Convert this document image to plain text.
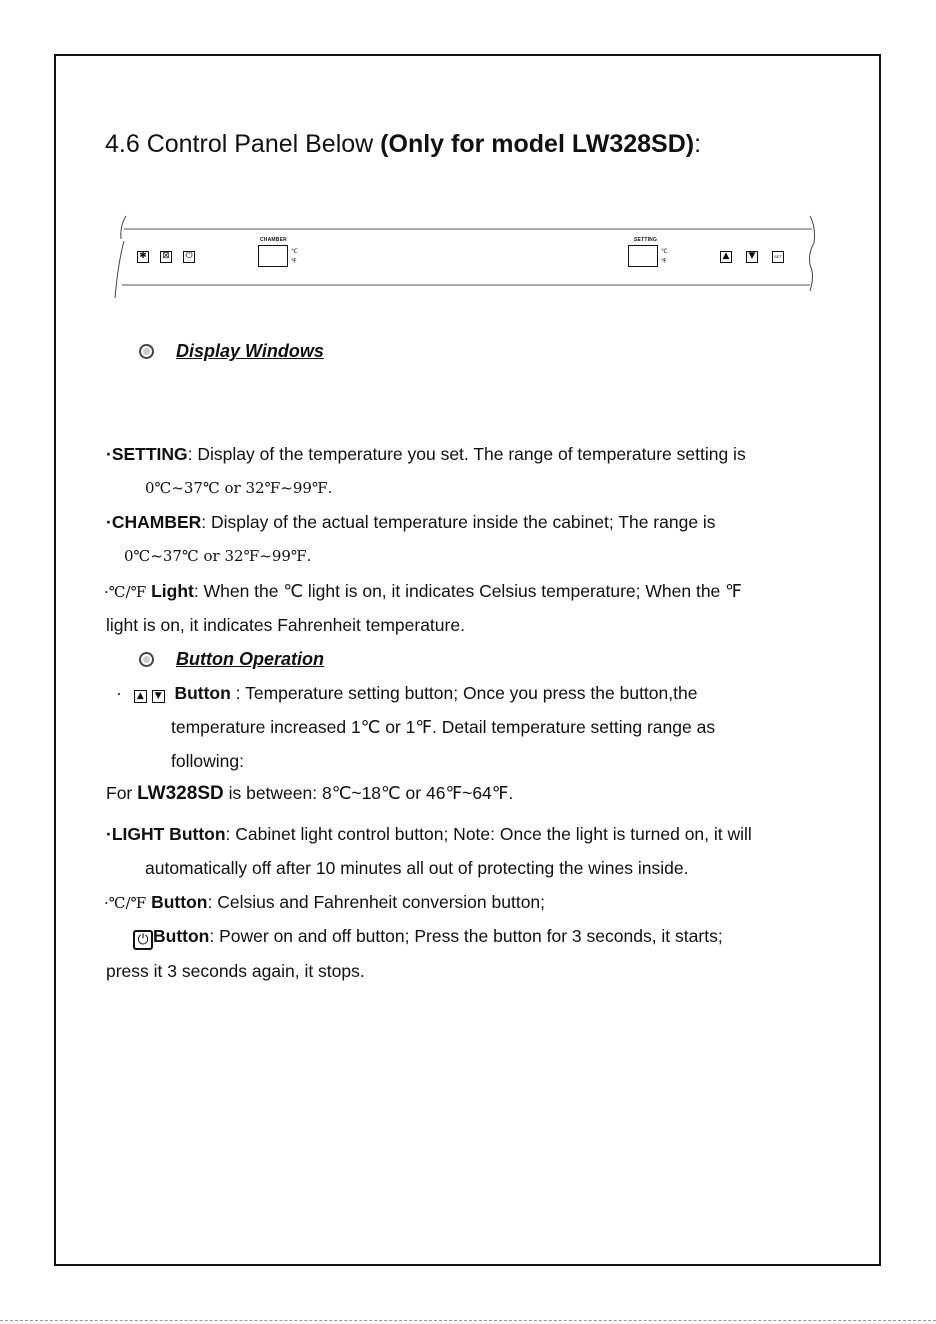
4.6 Control Panel Below (Only for model LW328SD):
✱ ⊠ ⏻
CHAMBER
℃
℉
SETTING
℃
℉
▲ ▼	SET
Display Windows
·SETTING: Display of the temperature you set. The range of temperature setting is
0℃~37℃ or 32℉~99℉.
·CHAMBER: Display of the actual temperature inside the cabinet; The range is
0℃~37℃ or 32℉~99℉.
·℃/℉ Light: When the ℃ light is on, it indicates Celsius temperature; When the ℉
light is on, it indicates Fahrenheit temperature.
Button Operation
· ▲ ▼ Button : Temperature setting button; Once you press the button,the
temperature increased 1℃ or 1℉. Detail temperature setting range as
following:
For LW328SD is between: 8℃~18℃ or 46℉~64℉.
·LIGHT Button: Cabinet light control button; Note: Once the light is turned on, it will
automatically off after 10 minutes all out of protecting the wines inside.
·℃/℉ Button: Celsius and Fahrenheit conversion button;
⏻ Button: Power on and off button; Press the button for 3 seconds, it starts;
press it 3 seconds again, it stops.
